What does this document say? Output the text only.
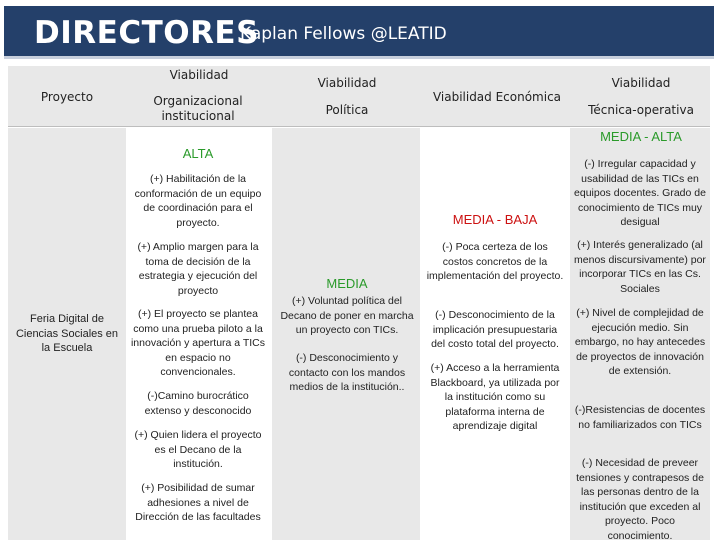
DIRECTORES
Kaplan Fellows @LEATID
Proyecto
Viabilidad
Organizacional institucional
Viabilidad
Política
Viabilidad Económica
Viabilidad
Técnica-operativa
Feria Digital de Ciencias Sociales en la Escuela
ALTA
(+) Habilitación de la conformación de un equipo de coordinación para el proyecto.
(+) Amplio margen para la toma de decisión de la estrategia y ejecución del proyecto
(+) El proyecto se plantea como una prueba piloto a la innovación y apertura a TICs en espacio no convencionales.
(-)Camino burocrático extenso y desconocido
(+) Quien lidera el proyecto es el Decano de la institución.
(+) Posibilidad de sumar adhesiones a nivel de Dirección de las facultades
MEDIA
(+) Voluntad política del Decano de poner en marcha un proyecto con TICs.
(-) Desconocimiento y contacto con los mandos medios de la institución..
MEDIA - BAJA
(-) Poca certeza de los costos concretos de la implementación del proyecto.
(-) Desconocimiento de la implicación presupuestaria del costo total del proyecto.
(+) Acceso a la herramienta Blackboard, ya utilizada por la institución como su plataforma interna de aprendizaje digital
MEDIA - ALTA
(-) Irregular capacidad y usabilidad de las TICs en equipos docentes. Grado de conocimiento de TICs muy desigual
(+) Interés generalizado (al menos discursivamente) por incorporar TICs en las Cs. Sociales
(+) Nivel de complejidad de ejecución medio. Sin embargo, no hay antecedes de proyectos de innovación de extensión.
(-)Resistencias de docentes no familiarizados con TICs
(-) Necesidad de preveer tensiones y contrapesos de las personas dentro de la institución que exceden al proyecto. Poco conocimiento.
